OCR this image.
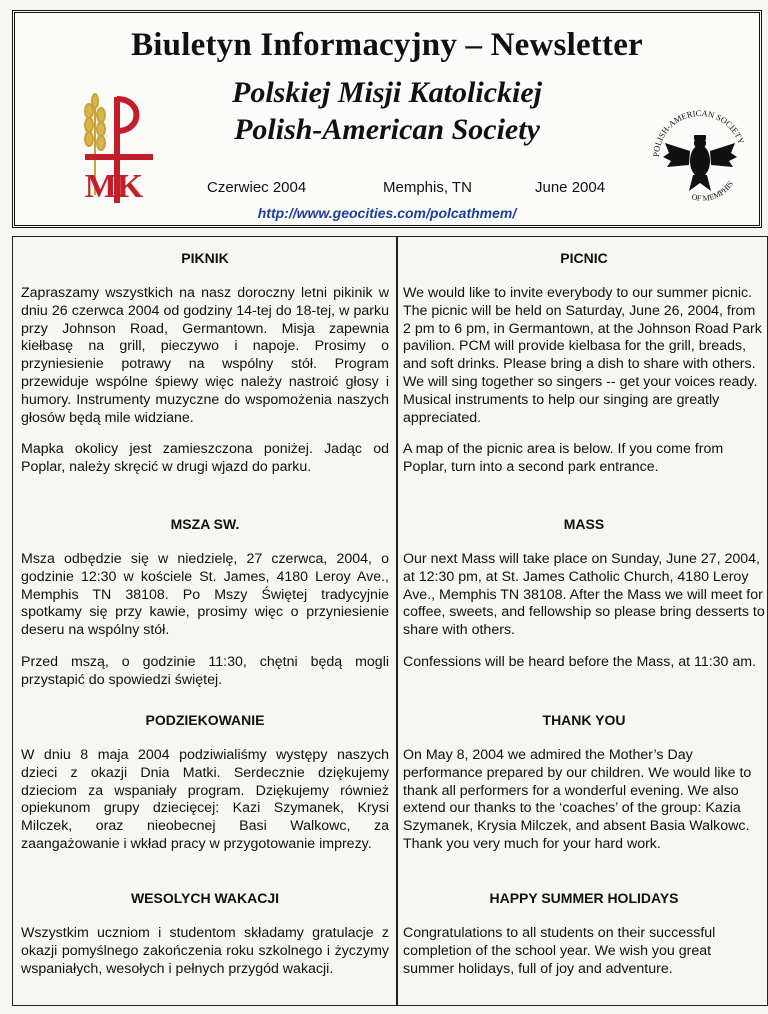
Biuletyn Informacyjny – Newsletter
Polskiej Misji Katolickiej
Polish-American Society
MK
POLISH-AMERICAN SOCIETY
OF MEMPHIS
Czerwiec 2004	Memphis, TN	June 2004
http://www.geocities.com/polcathmem/
PIKNIK

Zapraszamy wszystkich na nasz doroczny letni pikinik w dniu 26 czerwca 2004 od godziny 14-tej do 18-tej, w parku przy Johnson Road, Germantown. Misja zapewnia kiełbasę na grill, pieczywo i napoje. Prosimy o przyniesienie potrawy na wspólny stół. Program przewiduje wspólne śpiewy więc należy nastroić głosy i humory. Instrumenty muzyczne do wspomożenia naszych głosów będą mile widziane.

Mapka okolicy jest zamieszczona poniżej. Jadąc od Poplar, należy skręcić w drugi wjazd do parku.

MSZA SW.

Msza odbędzie się w niedzielę, 27 czerwca, 2004, o godzinie 12:30 w kościele St. James, 4180 Leroy Ave., Memphis TN 38108. Po Mszy Świętej tradycyjnie spotkamy się przy kawie, prosimy więc o przyniesienie deseru na wspólny stół.

Przed mszą, o godzinie 11:30, chętni będą mogli przystapić do spowiedzi świętej.

PODZIEKOWANIE

W dniu 8 maja 2004 podziwialiśmy występy naszych dzieci z okazji Dnia Matki. Serdecznie dziękujemy dzieciom za wspaniały program. Dziękujemy również opiekunom grupy dziecięcej: Kazi Szymanek, Krysi Milczek, oraz nieobecnej Basi Walkowc, za zaangażowanie i wkład pracy w przygotowanie imprezy.

WESOLYCH WAKACJI

Wszystkim uczniom i studentom składamy gratulacje z okazji pomyślnego zakończenia roku szkolnego i życzymy wspaniałych, wesołych i pełnych przygód wakacji.

PICNIC

We would like to invite everybody to our summer picnic. The picnic will be held on Saturday, June 26, 2004, from 2 pm to 6 pm, in Germantown, at the Johnson Road Park pavilion. PCM will provide kielbasa for the grill, breads, and soft drinks. Please bring a dish to share with others. We will sing together so singers -- get your voices ready. Musical instruments to help our singing are greatly appreciated.

A map of the picnic area is below. If you come from Poplar, turn into a second park entrance.

MASS

Our next Mass will take place on Sunday, June 27, 2004, at 12:30 pm, at St. James Catholic Church, 4180 Leroy Ave., Memphis TN 38108. After the Mass we will meet for coffee, sweets, and fellowship so please bring desserts to share with others.

Confessions will be heard before the Mass, at 11:30 am.

THANK YOU

On May 8, 2004 we admired the Mother’s Day performance prepared by our children. We would like to thank all performers for a wonderful evening. We also extend our thanks to the ‘coaches’ of the group: Kazia Szymanek, Krysia Milczek, and absent Basia Walkowc. Thank you very much for your hard work.

HAPPY SUMMER HOLIDAYS

Congratulations to all students on their successful completion of the school year. We wish you great summer holidays, full of joy and adventure.
